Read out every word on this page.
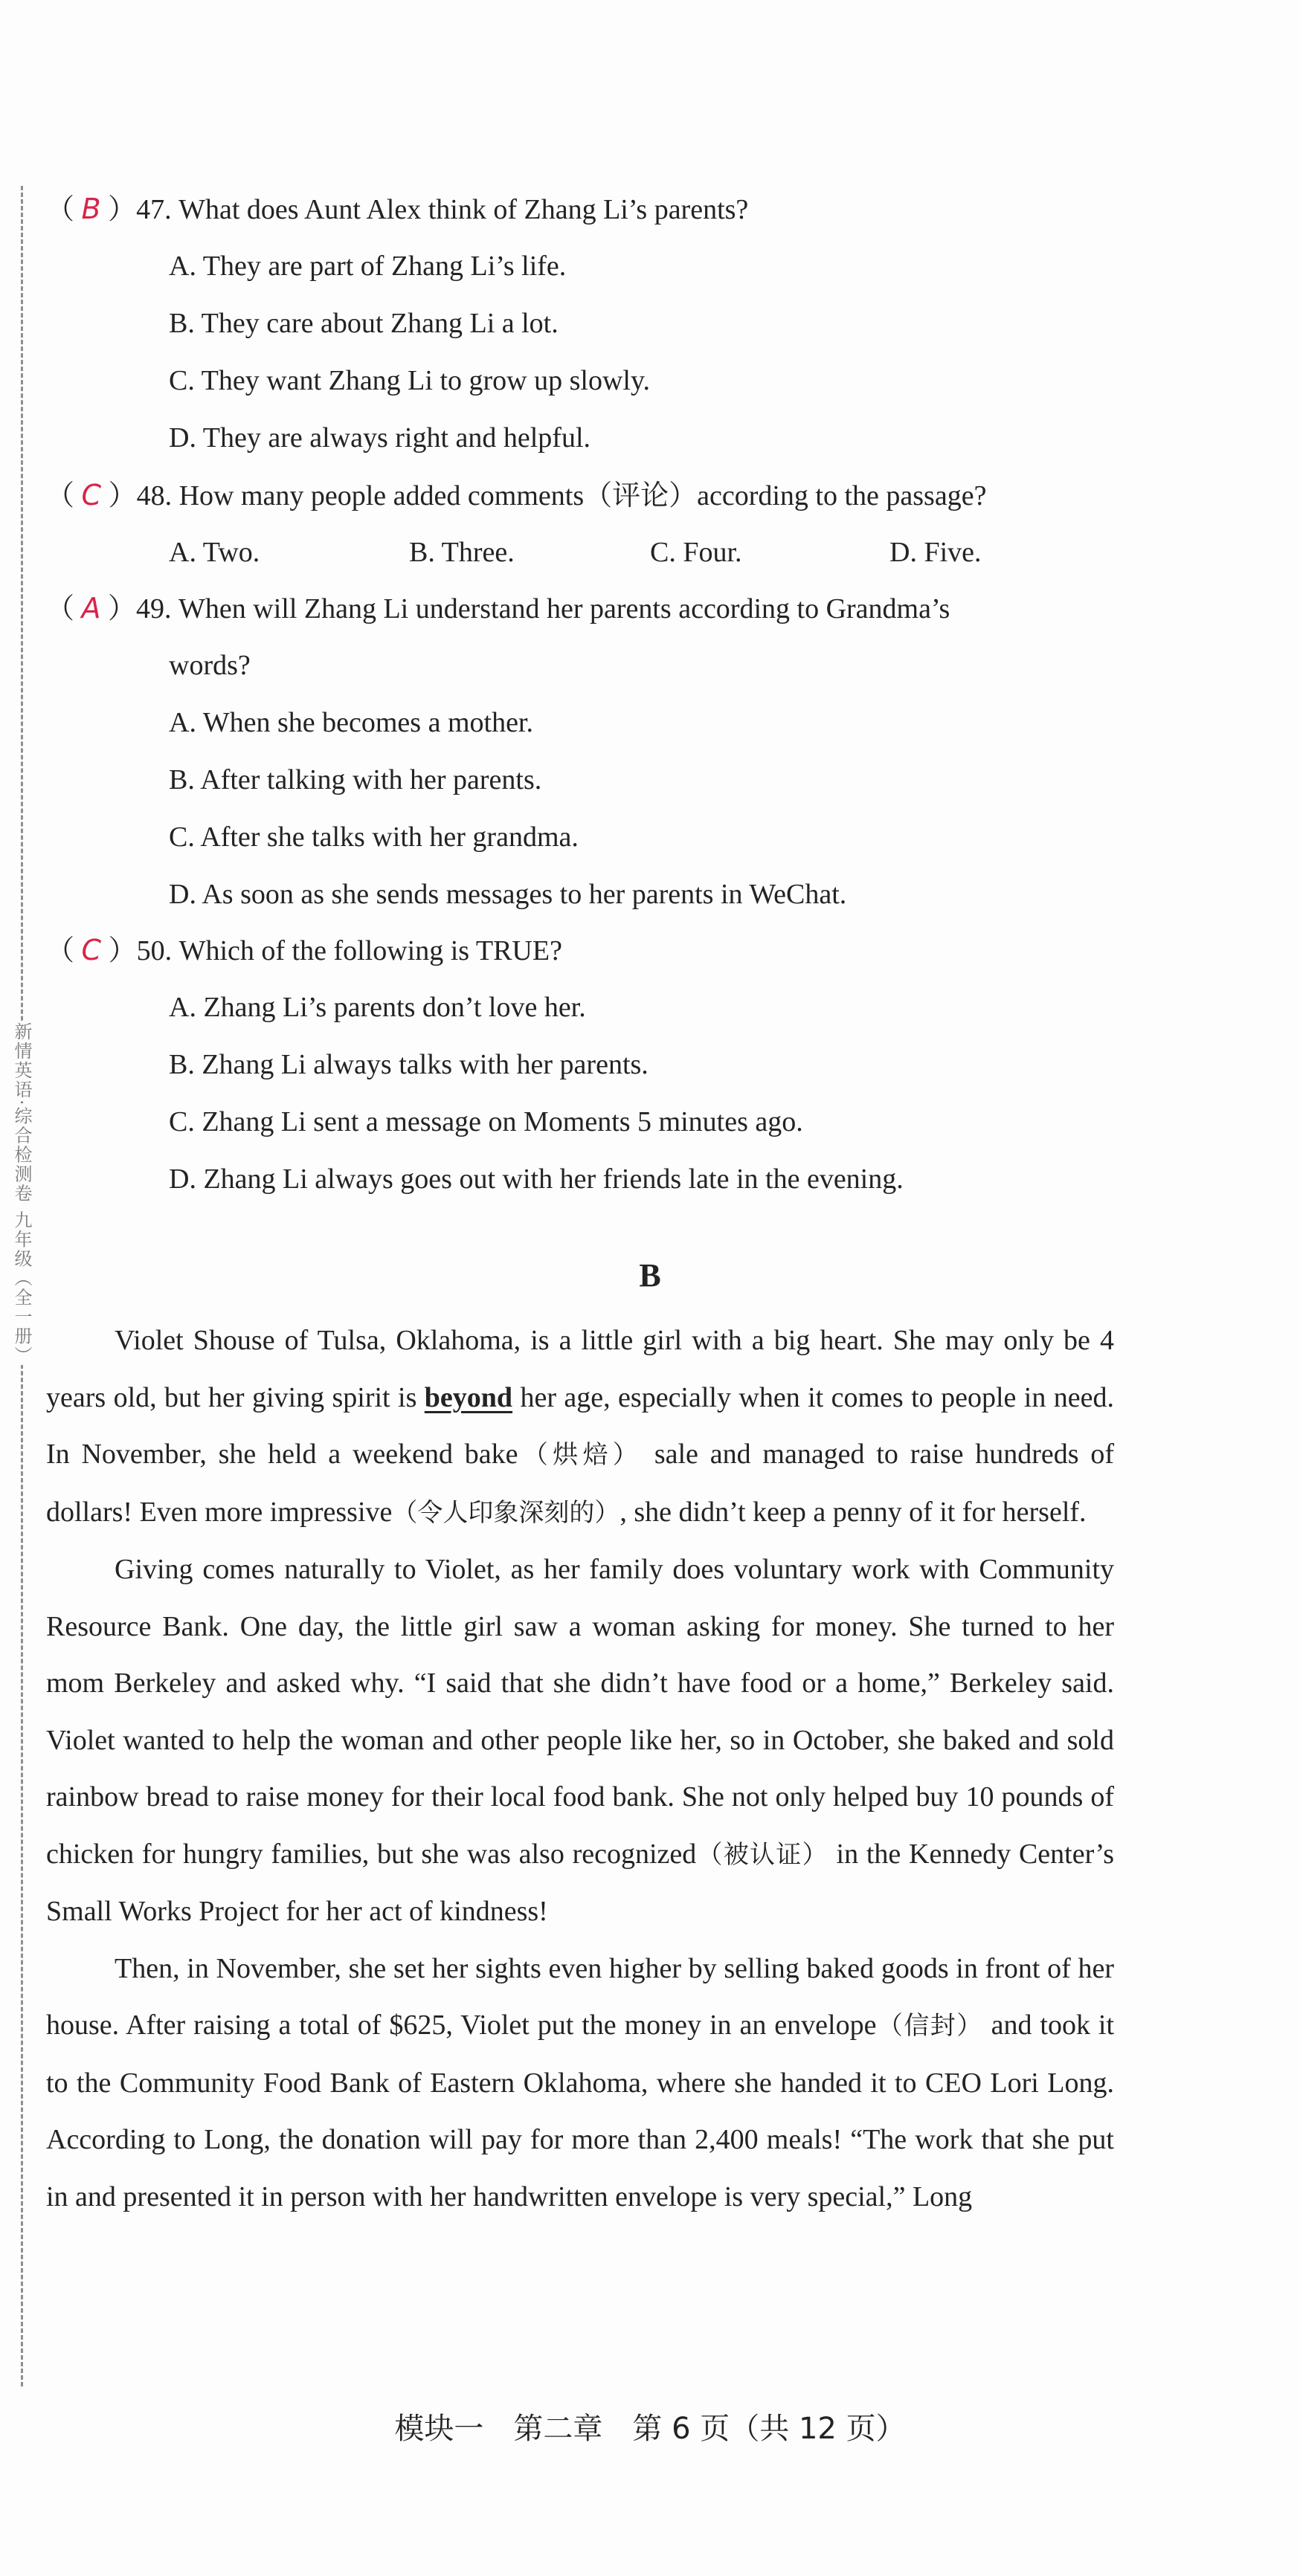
新情英语·综合检测卷 九年级（全一册）
（ B ）47. What does Aunt Alex think of Zhang Li’s parents?
A. They are part of Zhang Li’s life.
B. They care about Zhang Li a lot.
C. They want Zhang Li to grow up slowly.
D. They are always right and helpful.
（ C ）48. How many people added comments（评论）according to the passage?
A. Two.	B. Three.	C. Four.	D. Five.
（ A ）49. When will Zhang Li understand her parents according to Grandma’s
words?
A. When she becomes a mother.
B. After talking with her parents.
C. After she talks with her grandma.
D. As soon as she sends messages to her parents in WeChat.
（ C ）50. Which of the following is TRUE?
A. Zhang Li’s parents don’t love her.
B. Zhang Li always talks with her parents.
C. Zhang Li sent a message on Moments 5 minutes ago.
D. Zhang Li always goes out with her friends late in the evening.
B

Violet Shouse of Tulsa, Oklahoma, is a little girl with a big heart. She may only be 4 years old, but her giving spirit is beyond her age, especially when it comes to people in need. In November, she held a weekend bake（烘焙） sale and managed to raise hundreds of dollars! Even more impressive（令人印象深刻的）, she didn’t keep a penny of it for herself.

Giving comes naturally to Violet, as her family does voluntary work with Community Resource Bank. One day, the little girl saw a woman asking for money. She turned to her mom Berkeley and asked why. “I said that she didn’t have food or a home,” Berkeley said. Violet wanted to help the woman and other people like her, so in October, she baked and sold rainbow bread to raise money for their local food bank. She not only helped buy 10 pounds of chicken for hungry families, but she was also recognized（被认证） in the Kennedy Center’s Small Works Project for her act of kindness!

Then, in November, she set her sights even higher by selling baked goods in front of her house. After raising a total of $625, Violet put the money in an envelope（信封） and took it to the Community Food Bank of Eastern Oklahoma, where she handed it to CEO Lori Long. According to Long, the donation will pay for more than 2,400 meals! “The work that she put in and presented it in person with her handwritten envelope is very special,” Long

模块一　第二章　第 6 页（共 12 页）
